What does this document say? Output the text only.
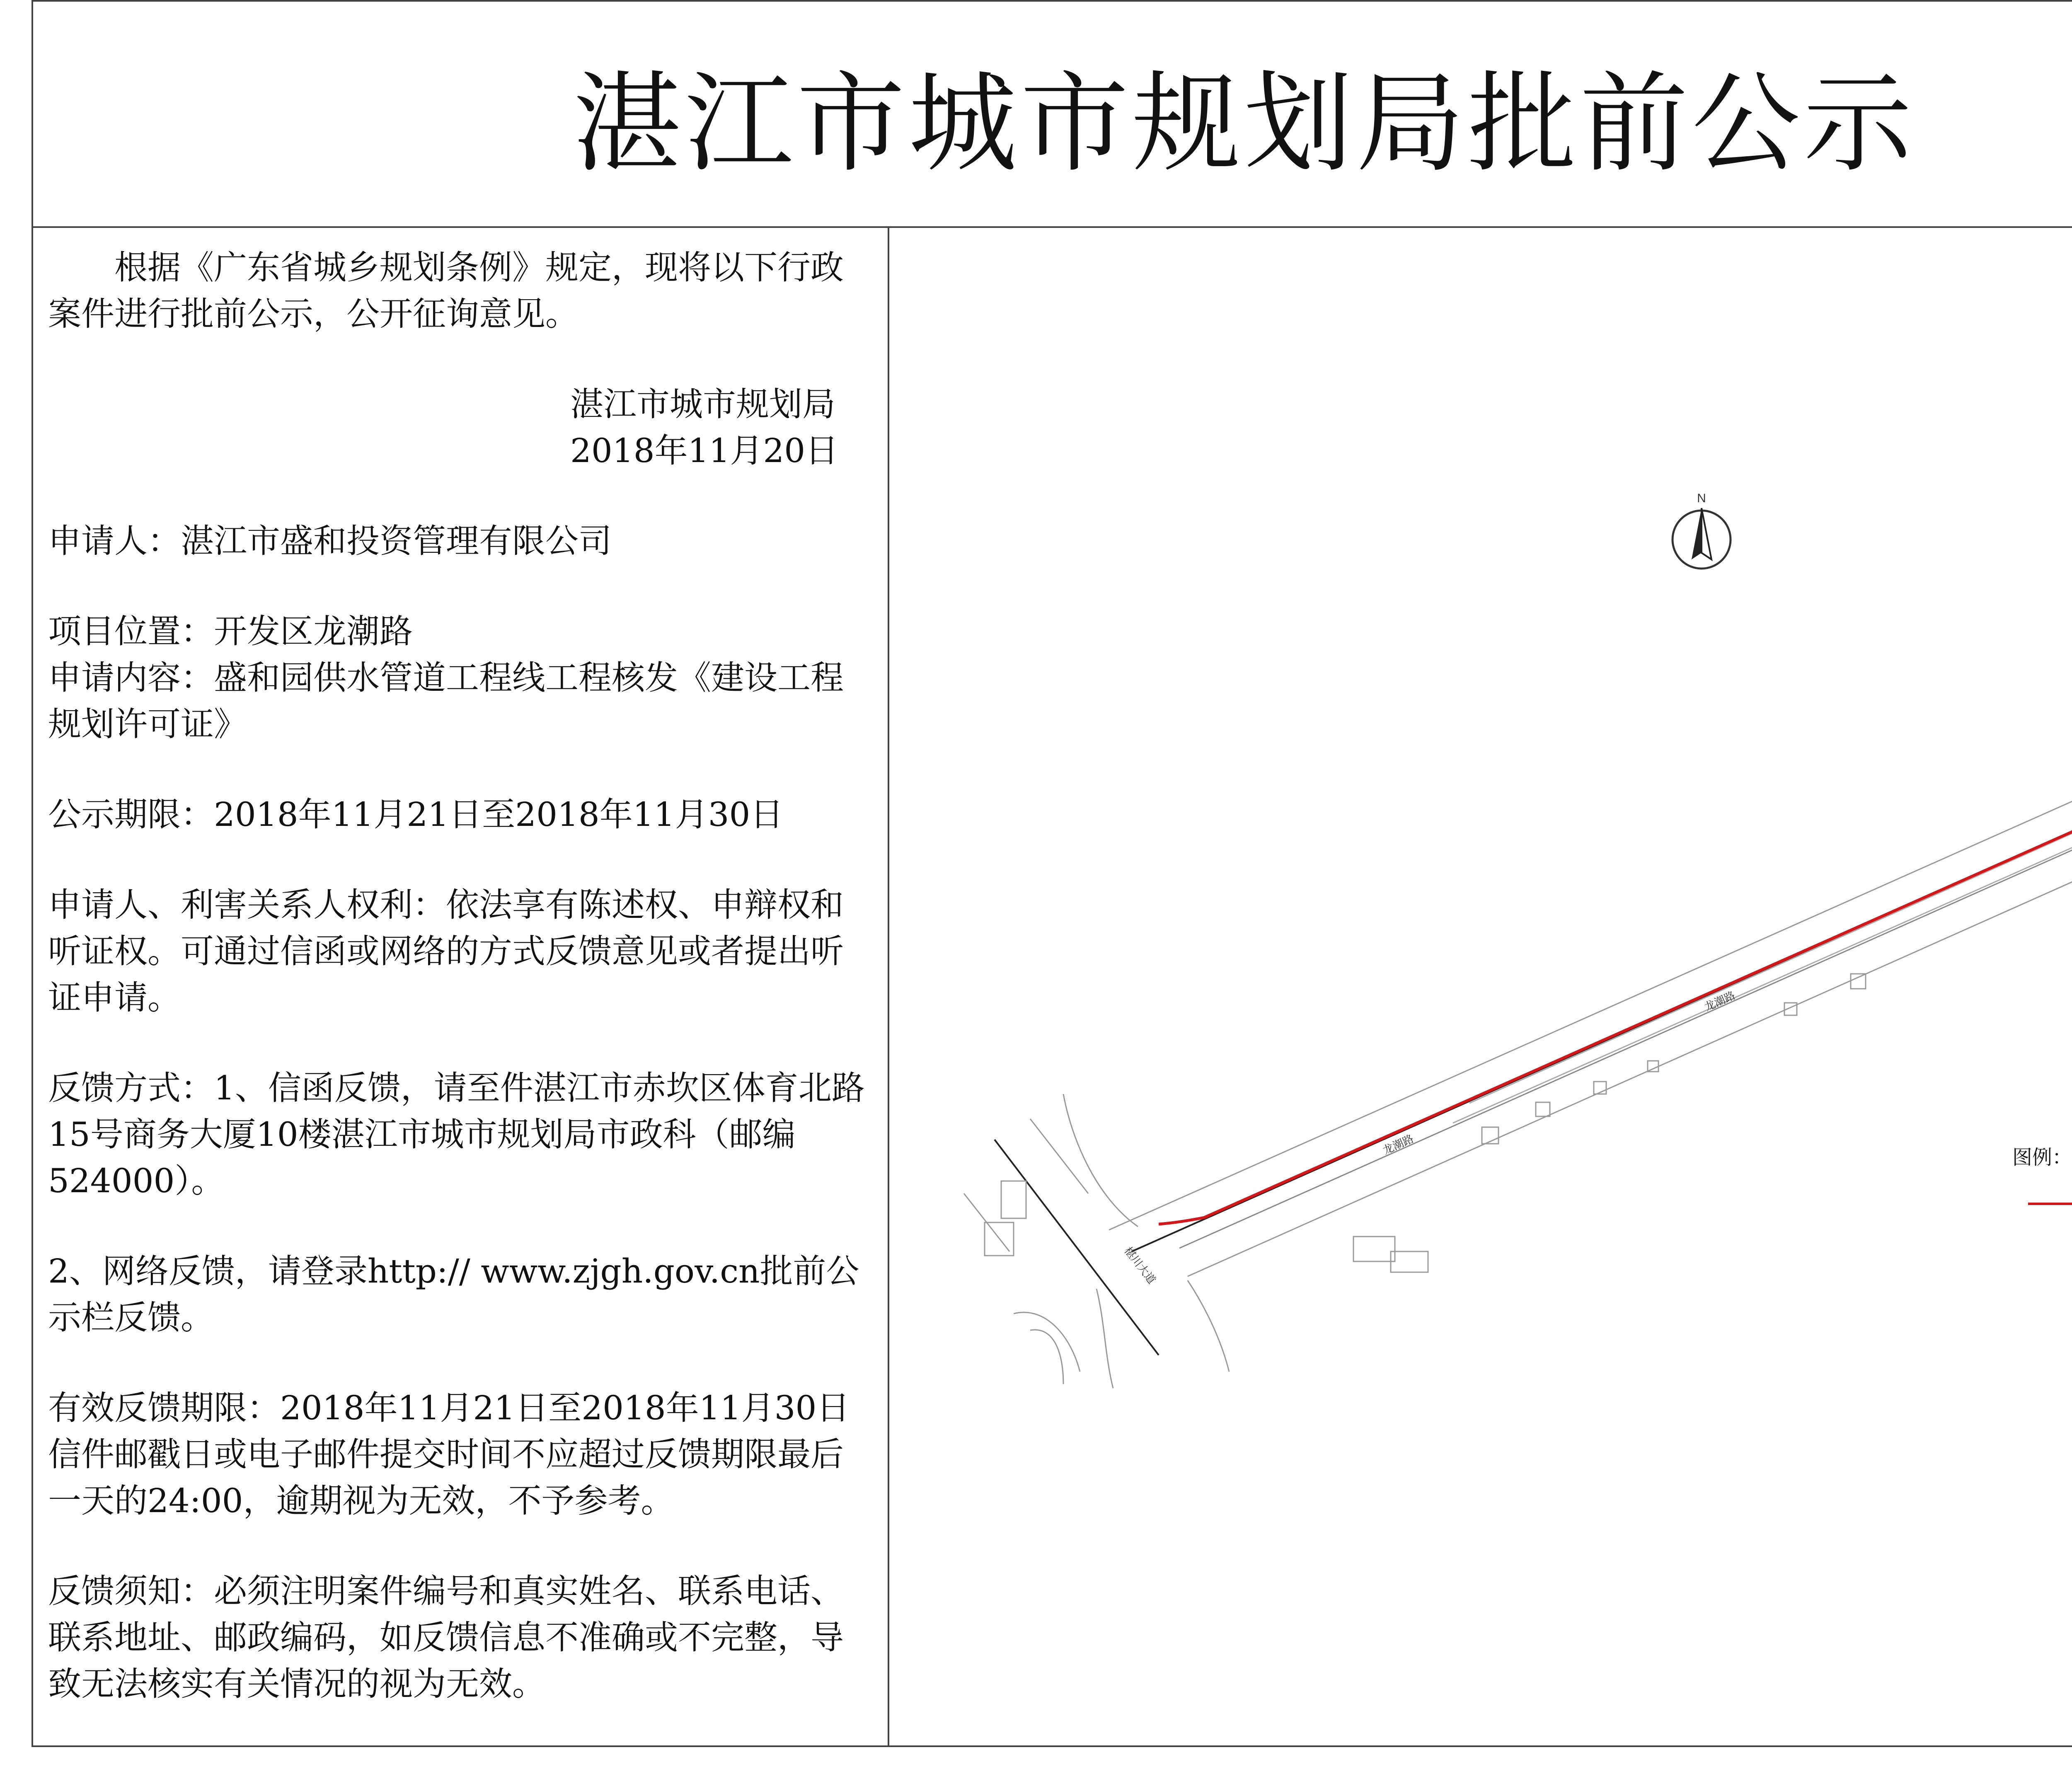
湛江市城市规划局批前公示

根据《广东省城乡规划条例》规定，现将以下行政案件进行批前公示，公开征询意见。

湛江市城市规划局
2018年11月20日

申请人：湛江市盛和投资管理有限公司

项目位置：开发区龙潮路

申请内容：盛和园供水管道工程线工程核发《建设工程规划许可证》

公示期限：2018年11月21日至2018年11月30日

申请人、利害关系人权利：依法享有陈述权、申辩权和听证权。可通过信函或网络的方式反馈意见或者提出听证申请。

反馈方式：1、信函反馈，请至件湛江市赤坎区体育北路15号商务大厦10楼湛江市城市规划局市政科（邮编524000）。

2、网络反馈，请登录http:// www.zjgh.gov.cn批前公示栏反馈。

有效反馈期限：2018年11月21日至2018年11月30日

信件邮戳日或电子邮件提交时间不应超过反馈期限最后一天的24:00，逾期视为无效，不予参考。

反馈须知：必须注明案件编号和真实姓名、联系电话、联系地址、邮政编码，如反馈信息不准确或不完整，导致无法核实有关情况的视为无效。

N
龙潮路
龙潮路
椹川大道
图例：
